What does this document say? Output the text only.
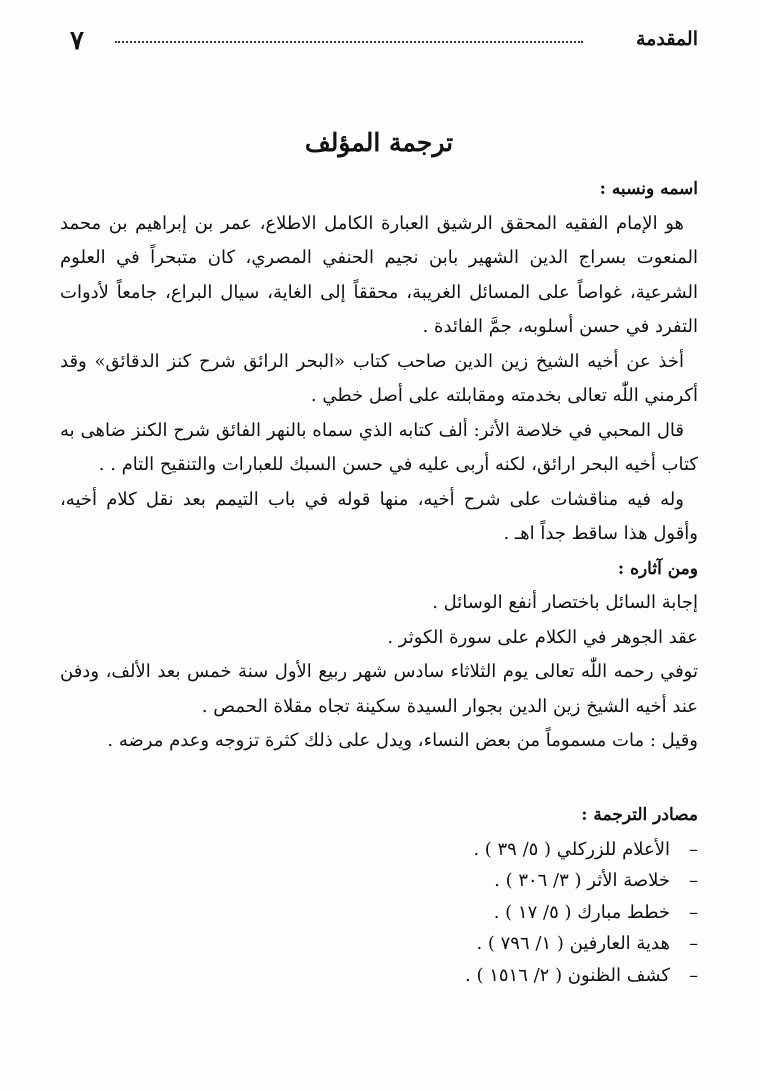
المقدمة
٧
ترجمة المؤلف

اسمه ونسبه :

هو الإمام الفقيه المحقق الرشيق العبارة الكامل الاطلاع، عمر بن إبراهيم بن محمد المنعوت بسراج الدين الشهير بابن نجيم الحنفي المصري، كان متبحراً في العلوم الشرعية، غواصاً على المسائل الغريبة، محققاً إلى الغاية، سيال البراع، جامعاً لأدوات التفرد في حسن أسلوبه، جمَّ الفائدة .

أخذ عن أخيه الشيخ زين الدين صاحب كتاب «البحر الرائق شرح كنز الدقائق» وقد أكرمني اللّٰه تعالى بخدمته ومقابلته على أصل خطي .

قال المحبي في خلاصة الأثر: ألف كتابه الذي سماه بالنهر الفائق شرح الكنز ضاهى به كتاب أخيه البحر ارائق، لكنه أربى عليه في حسن السبك للعبارات والتنقيح التام . .

وله فيه مناقشات على شرح أخيه، منها قوله في باب التيمم بعد نقل كلام أخيه، وأقول هذا ساقط جداً اهـ .

ومن آثاره :

إجابة السائل باختصار أنفع الوسائل .

عقد الجوهر في الكلام على سورة الكوثر .

توفي رحمه اللّٰه تعالى يوم الثلاثاء سادس شهر ربيع الأول سنة خمس بعد الألف، ودفن عند أخيه الشيخ زين الدين بجوار السيدة سكينة تجاه مقلاة الحمص .

وقيل : مات مسموماً من بعض النساء، ويدل على ذلك كثرة تزوجه وعدم مرضه .

مصادر الترجمة :
–الأعلام للزركلي ( ٥/ ٣٩ ) .
–خلاصة الأثر ( ٣/ ٣٠٦ ) .
–خطط مبارك ( ٥/ ١٧ ) .
–هدية العارفين ( ١/ ٧٩٦ ) .
–كشف الظنون ( ٢/ ١٥١٦ ) .
